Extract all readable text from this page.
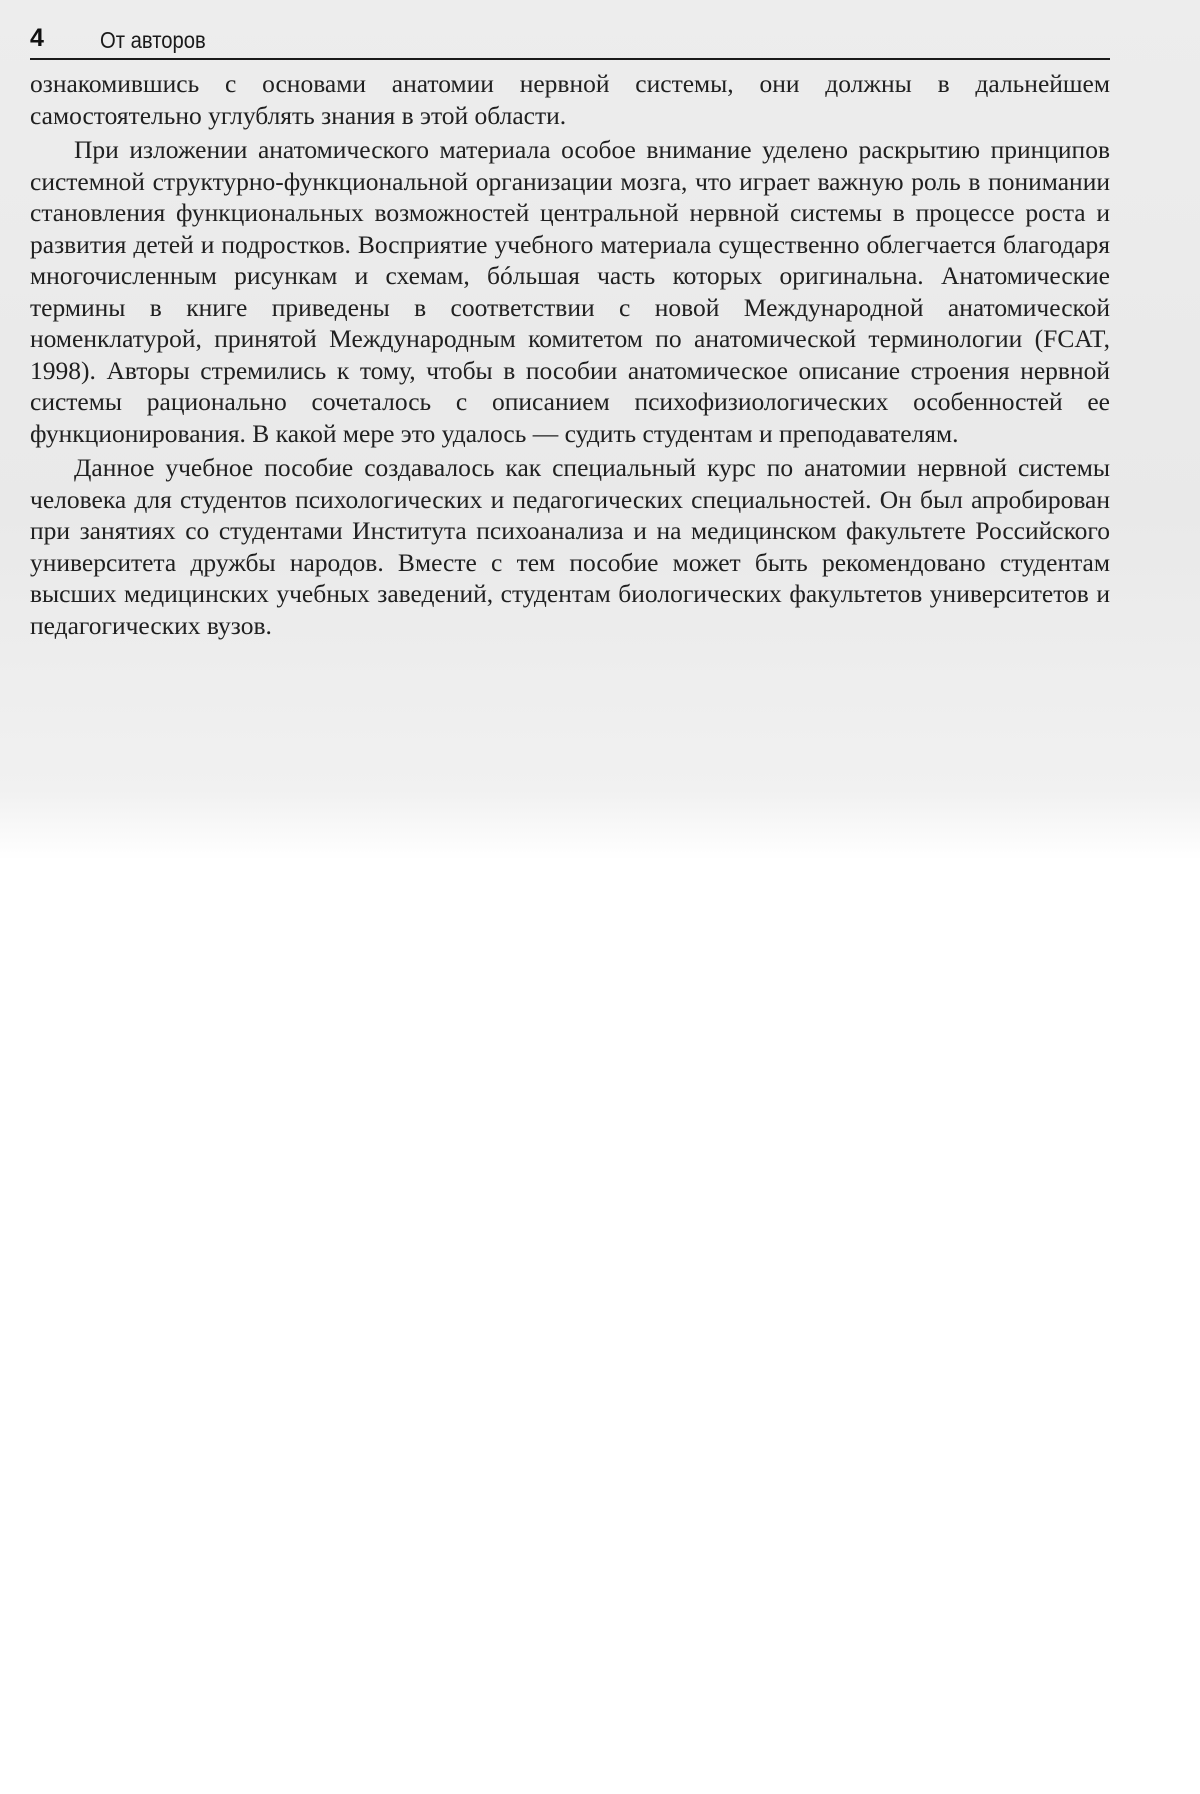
4 От авторов

ознакомившись с основами анатомии нервной системы, они должны в дальнейшем самостоятельно углублять знания в этой области.

При изложении анатомического материала особое внимание уделено раскрытию принципов системной структурно-функциональной организации мозга, что играет важную роль в понимании становления функциональных возможностей центральной нервной системы в процессе роста и развития детей и подростков. Восприятие учебного материала существенно облегчается благодаря многочисленным рисункам и схемам, бóльшая часть которых оригинальна. Анатомические термины в книге приведены в соответствии с новой Международной анатомической номенклатурой, принятой Международным комитетом по анатомической терминологии (FCAT, 1998). Авторы стремились к тому, чтобы в пособии анатомическое описание строения нервной системы рационально сочеталось с описанием психофизиологических особенностей ее функционирования. В какой мере это удалось — судить студентам и преподавателям.

Данное учебное пособие создавалось как специальный курс по анатомии нервной системы человека для студентов психологических и педагогических специальностей. Он был апробирован при занятиях со студентами Института психоанализа и на медицинском факультете Российского университета дружбы народов. Вместе с тем пособие может быть рекомендовано студентам высших медицинских учебных заведений, студентам биологических факультетов университетов и педагогических вузов.
